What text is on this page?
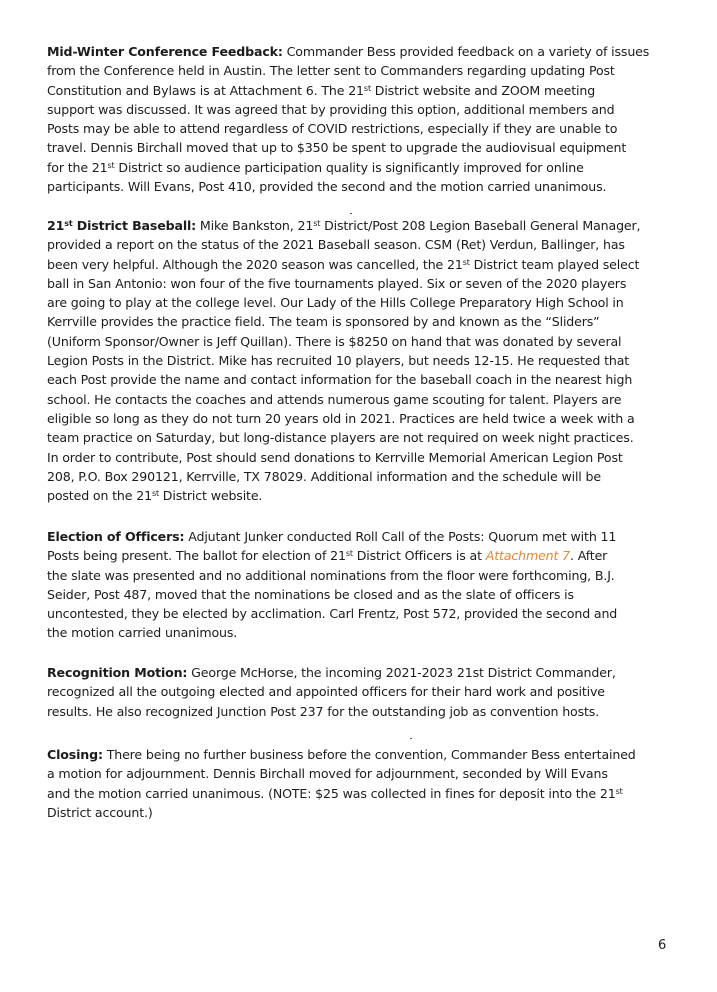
Mid-Winter Conference Feedback: Commander Bess provided feedback on a variety of issues
from the Conference held in Austin. The letter sent to Commanders regarding updating Post
Constitution and Bylaws is at Attachment 6. The 21st District website and ZOOM meeting
support was discussed. It was agreed that by providing this option, additional members and
Posts may be able to attend regardless of COVID restrictions, especially if they are unable to
travel. Dennis Birchall moved that up to $350 be spent to upgrade the audiovisual equipment
for the 21st District so audience participation quality is significantly improved for online
participants. Will Evans, Post 410, provided the second and the motion carried unanimous.

21st District Baseball: Mike Bankston, 21st District/Post 208 Legion Baseball General Manager,
provided a report on the status of the 2021 Baseball season. CSM (Ret) Verdun, Ballinger, has
been very helpful. Although the 2020 season was cancelled, the 21st District team played select
ball in San Antonio: won four of the five tournaments played. Six or seven of the 2020 players
are going to play at the college level. Our Lady of the Hills College Preparatory High School in
Kerrville provides the practice field. The team is sponsored by and known as the “Sliders”
(Uniform Sponsor/Owner is Jeff Quillan). There is $8250 on hand that was donated by several
Legion Posts in the District. Mike has recruited 10 players, but needs 12-15. He requested that
each Post provide the name and contact information for the baseball coach in the nearest high
school. He contacts the coaches and attends numerous game scouting for talent. Players are
eligible so long as they do not turn 20 years old in 2021. Practices are held twice a week with a
team practice on Saturday, but long-distance players are not required on week night practices.
In order to contribute, Post should send donations to Kerrville Memorial American Legion Post
208, P.O. Box 290121, Kerrville, TX 78029. Additional information and the schedule will be
posted on the 21st District website.

Election of Officers: Adjutant Junker conducted Roll Call of the Posts: Quorum met with 11
Posts being present. The ballot for election of 21st District Officers is at Attachment 7. After
the slate was presented and no additional nominations from the floor were forthcoming, B.J.
Seider, Post 487, moved that the nominations be closed and as the slate of officers is
uncontested, they be elected by acclimation. Carl Frentz, Post 572, provided the second and
the motion carried unanimous.

Recognition Motion: George McHorse, the incoming 2021-2023 21st District Commander,
recognized all the outgoing elected and appointed officers for their hard work and positive
results. He also recognized Junction Post 237 for the outstanding job as convention hosts.

Closing: There being no further business before the convention, Commander Bess entertained
a motion for adjournment. Dennis Birchall moved for adjournment, seconded by Will Evans
and the motion carried unanimous. (NOTE: $25 was collected in fines for deposit into the 21st
District account.)

6
